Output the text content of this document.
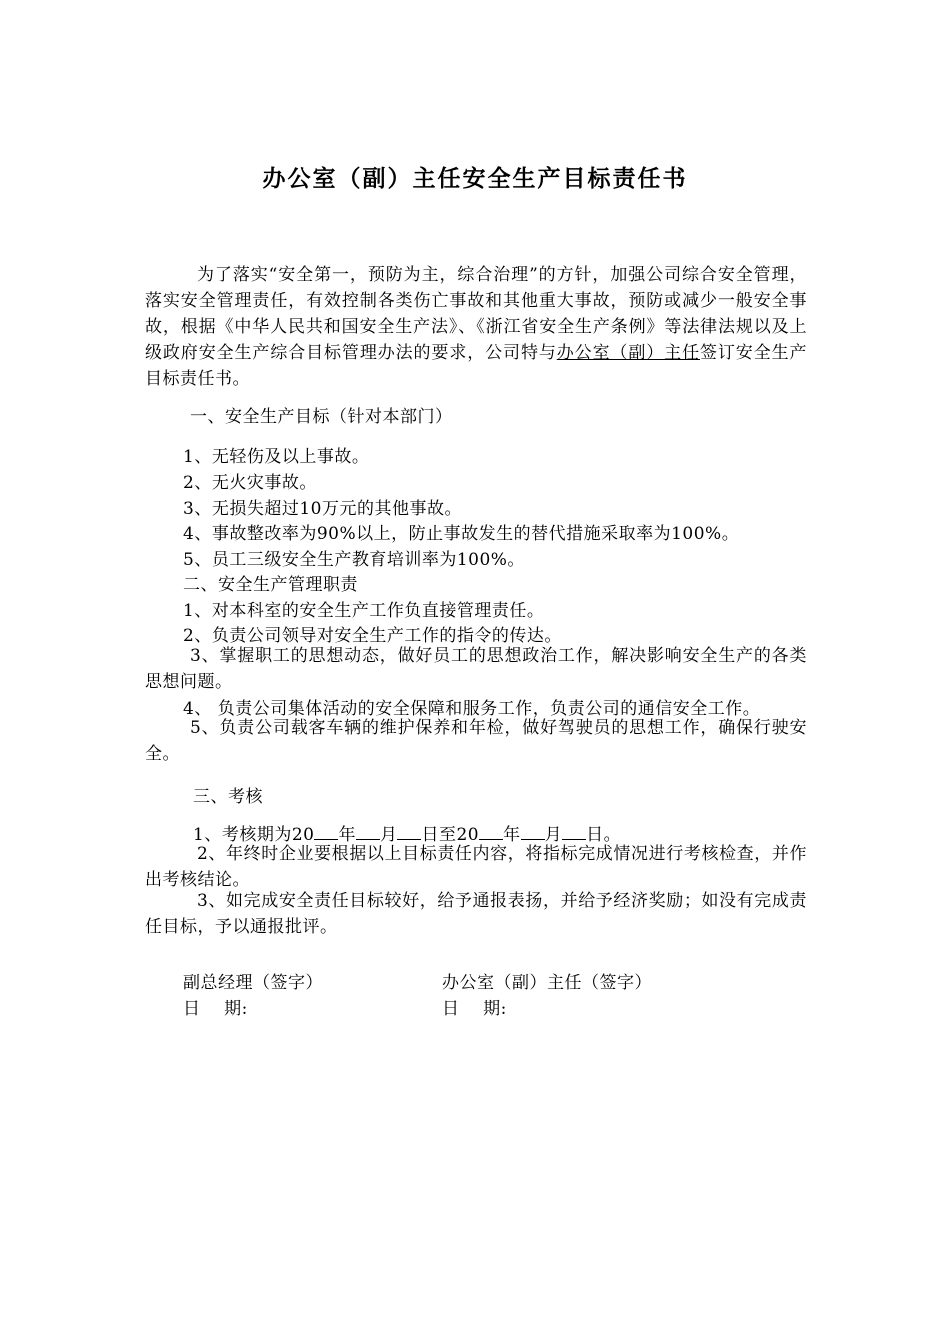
办公室（副）主任安全生产目标责任书
为了落实“安全第一，预防为主，综合治理”的方针，加强公司综合安全管理，落实安全管理责任，有效控制各类伤亡事故和其他重大事故，预防或减少一般安全事故，根据《中华人民共和国安全生产法》、《浙江省安全生产条例》等法律法规以及上级政府安全生产综合目标管理办法的要求，公司特与办公室（副）主任签订安全生产目标责任书。
一、安全生产目标（针对本部门）
1、无轻伤及以上事故。
2、无火灾事故。
3、无损失超过10万元的其他事故。
4、事故整改率为90%以上，防止事故发生的替代措施采取率为100%。
5、员工三级安全生产教育培训率为100%。
二、安全生产管理职责
1、对本科室的安全生产工作负直接管理责任。
2、负责公司领导对安全生产工作的指令的传达。
3、掌握职工的思想动态，做好员工的思想政治工作，解决影响安全生产的各类思想问题。
4、 负责公司集体活动的安全保障和服务工作，负责公司的通信安全工作。
5、负责公司载客车辆的维护保养和年检，做好驾驶员的思想工作，确保行驶安全。
三、考核
1、考核期为20 年 月 日至20 年 月 日。
2、年终时企业要根据以上目标责任内容，将指标完成情况进行考核检查，并作出考核结论。
3、如完成安全责任目标较好，给予通报表扬，并给予经济奖励；如没有完成责任目标，予以通报批评。
副总经理（签字）
日    期:
办公室（副）主任（签字）
日    期:
